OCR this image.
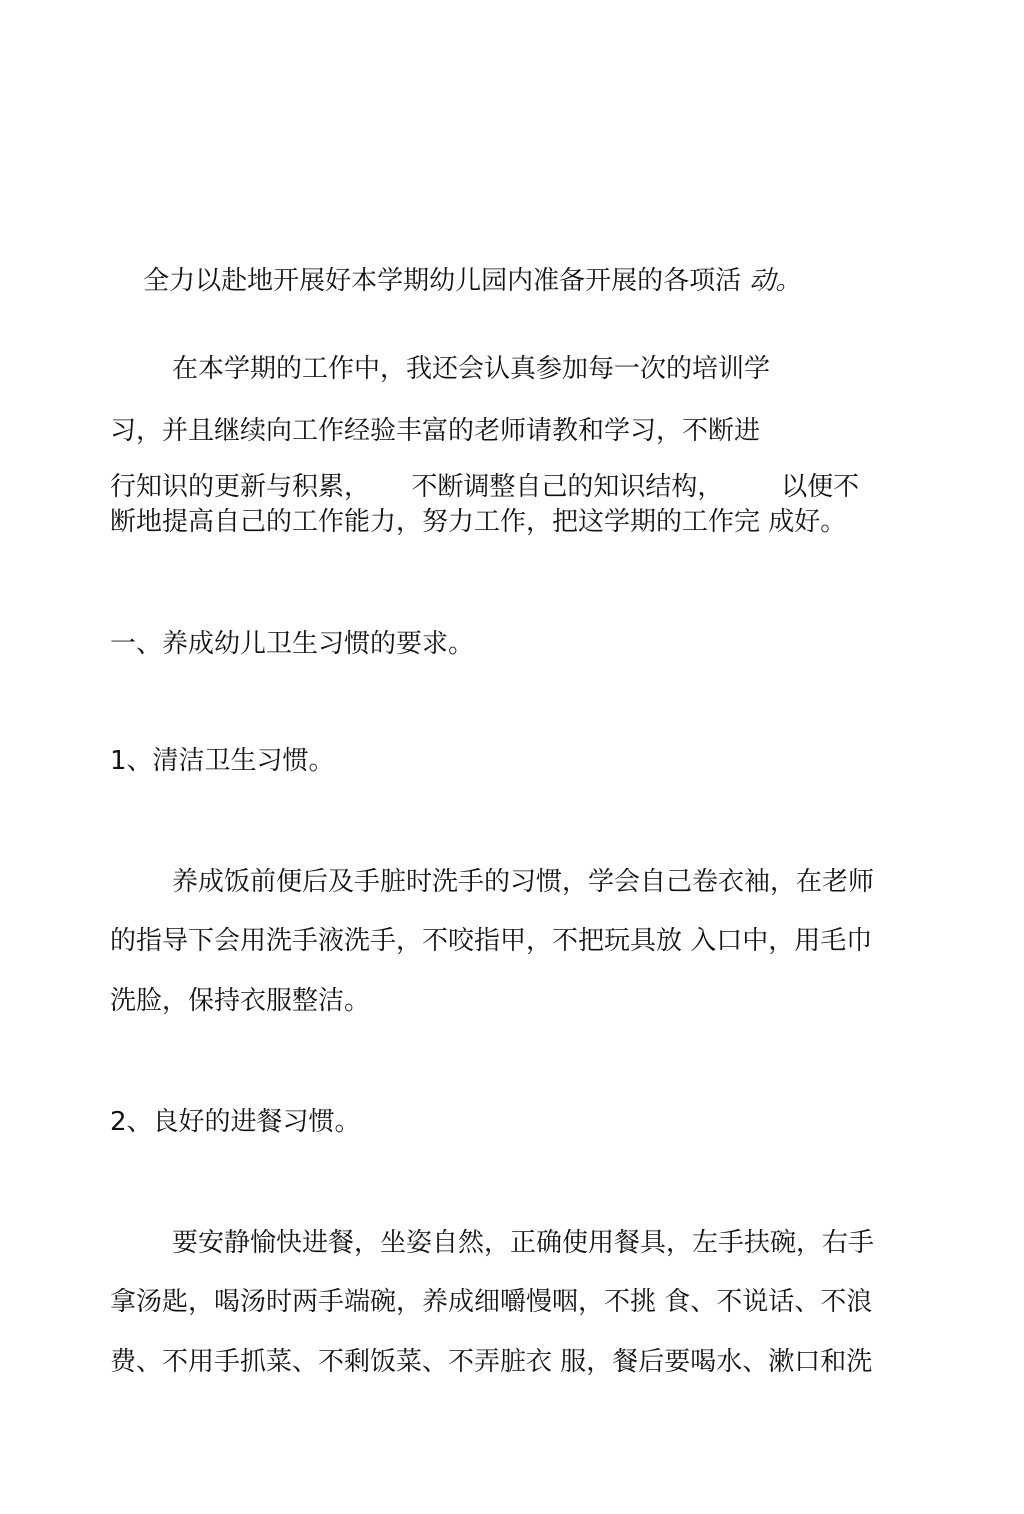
全力以赴地开展好本学期幼儿园内准备开展的各项活 动。

在本学期的工作中，我还会认真参加每一次的培训学
习，并且继续向工作经验丰富的老师请教和学习，不断进
行知识的更新与积累，     不断调整自己的知识结构，       以便不
断地提高自己的工作能力，努力工作，把这学期的工作完 成好。
一、养成幼儿卫生习惯的要求。
1、清洁卫生习惯。
养成饭前便后及手脏时洗手的习惯，学会自己卷衣袖，在老师
的指导下会用洗手液洗手，不咬指甲，不把玩具放 入口中，用毛巾
洗脸，保持衣服整洁。
2、良好的进餐习惯。
要安静愉快进餐，坐姿自然，正确使用餐具，左手扶碗，右手
拿汤匙，喝汤时两手端碗，养成细嚼慢咽，不挑 食、不说话、不浪
费、不用手抓菜、不剩饭菜、不弄脏衣 服，餐后要喝水、漱口和洗
